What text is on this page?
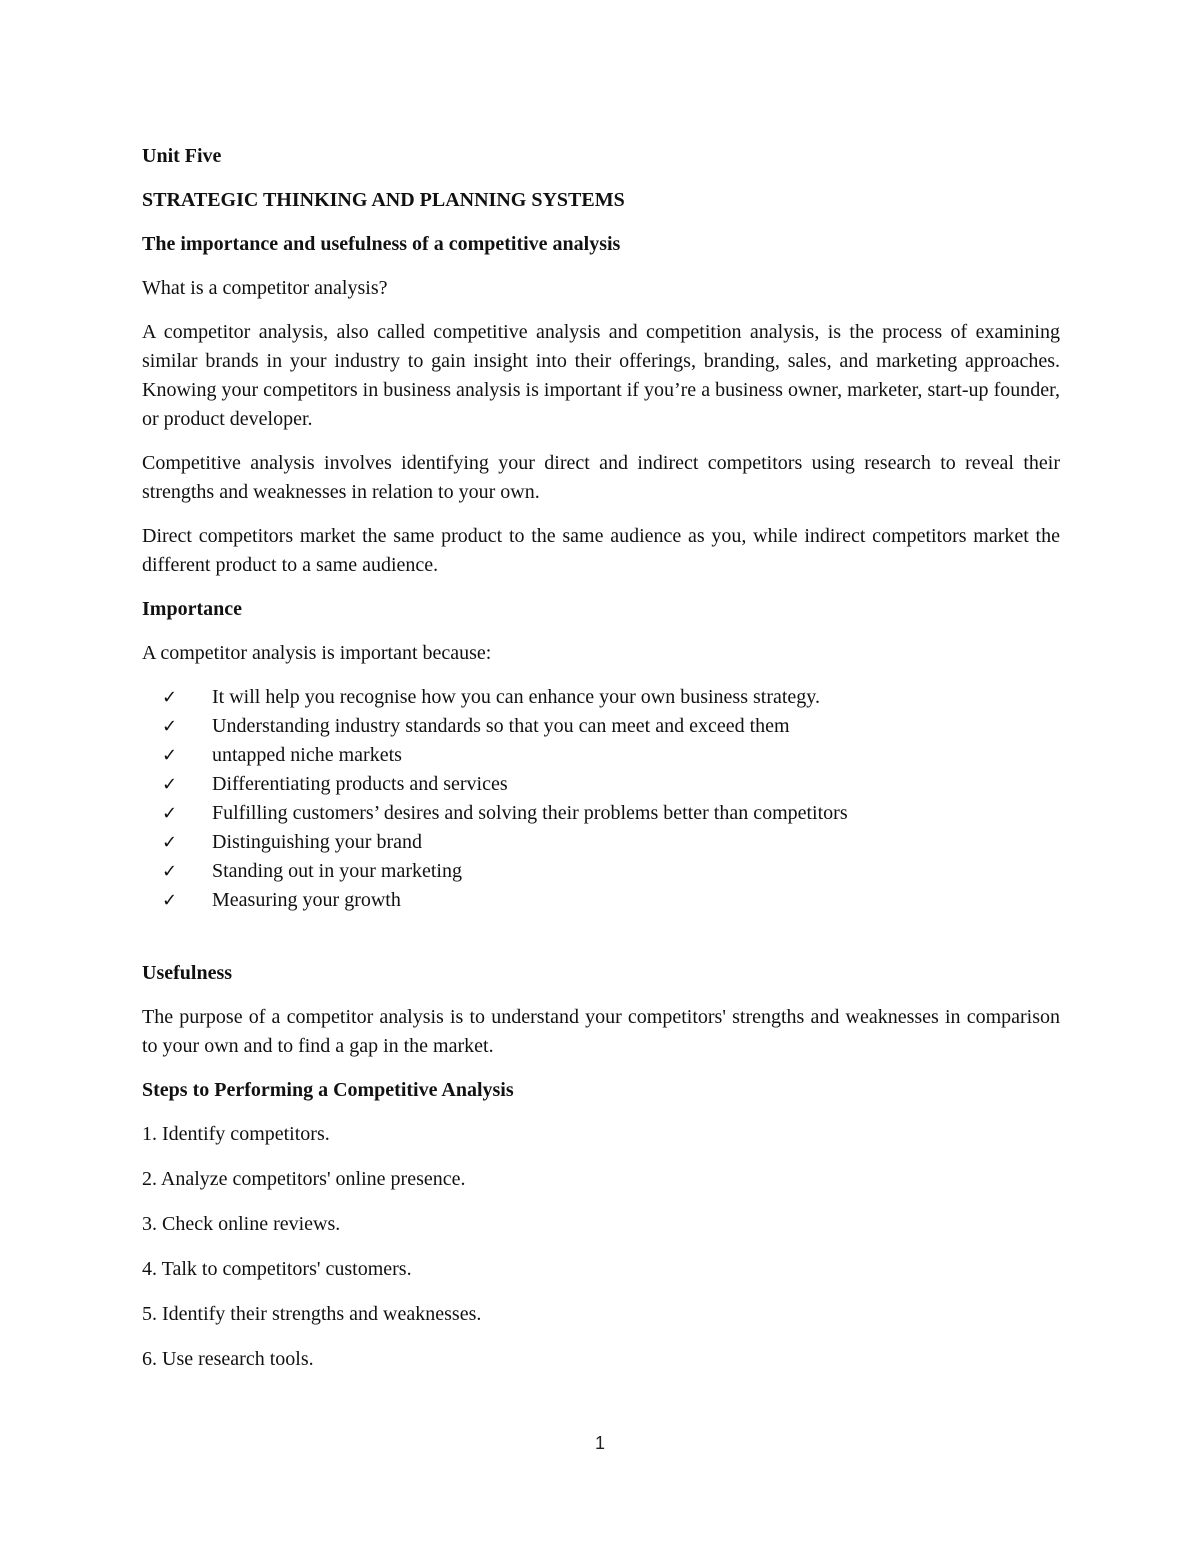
Unit Five

STRATEGIC THINKING AND PLANNING SYSTEMS

The importance and usefulness of a competitive analysis

What is a competitor analysis?

A competitor analysis, also called competitive analysis and competition analysis, is the process of examining similar brands in your industry to gain insight into their offerings, branding, sales, and marketing approaches. Knowing your competitors in business analysis is important if you’re a business owner, marketer, start-up founder, or product developer.

Competitive analysis involves identifying your direct and indirect competitors using research to reveal their strengths and weaknesses in relation to your own.

Direct competitors market the same product to the same audience as you, while indirect competitors market the different product to a same audience.

Importance

A competitor analysis is important because:

✓ It will help you recognise how you can enhance your own business strategy.
✓ Understanding industry standards so that you can meet and exceed them
✓ untapped niche markets
✓ Differentiating products and services
✓ Fulfilling customers’ desires and solving their problems better than competitors
✓ Distinguishing your brand
✓ Standing out in your marketing
✓ Measuring your growth

Usefulness

The purpose of a competitor analysis is to understand your competitors' strengths and weaknesses in comparison to your own and to find a gap in the market.

Steps to Performing a Competitive Analysis

1. Identify competitors.

2. Analyze competitors' online presence.

3. Check online reviews.

4. Talk to competitors' customers.

5. Identify their strengths and weaknesses.

6. Use research tools.

1
